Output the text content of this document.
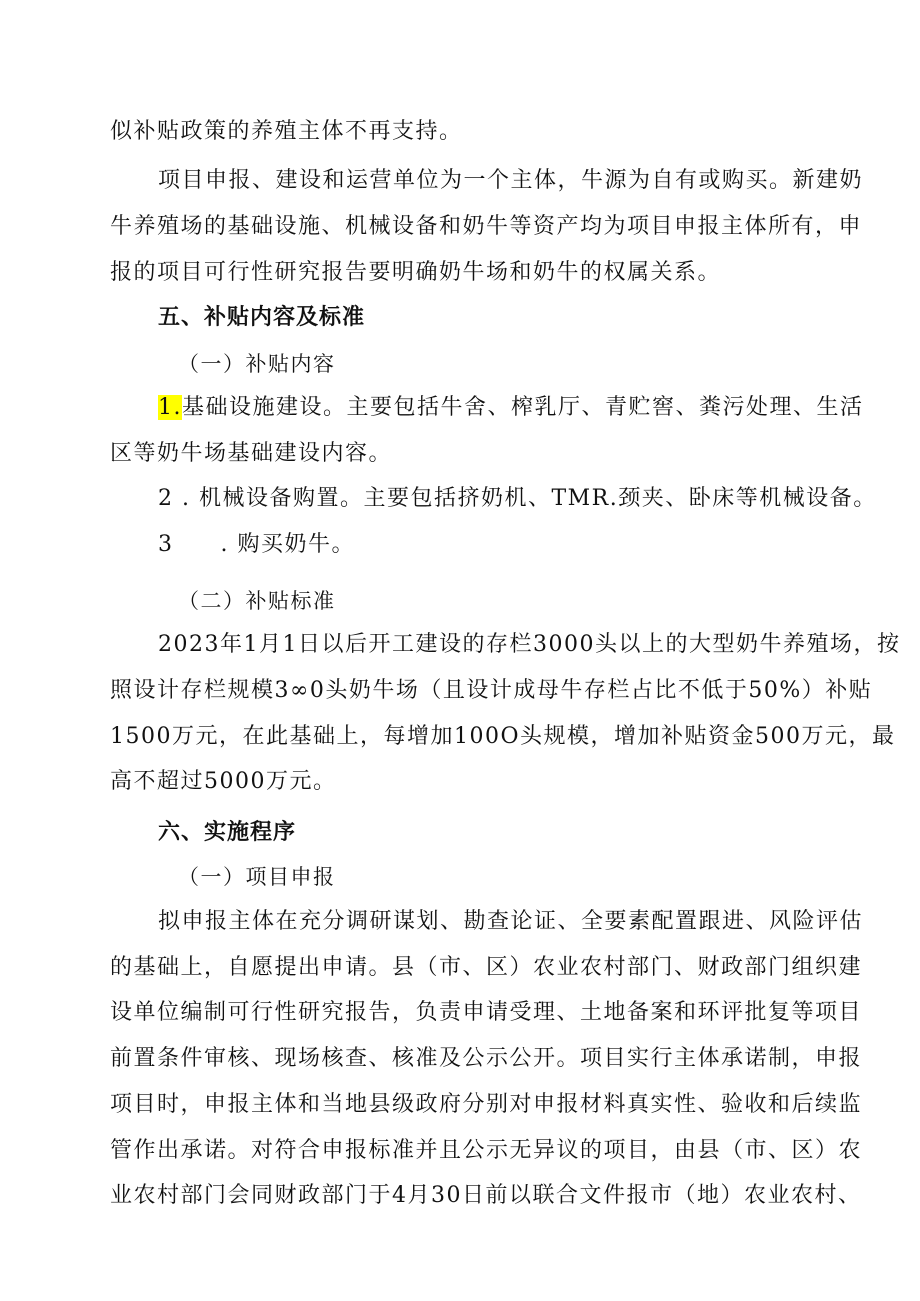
似补贴政策的养殖主体不再支持。
项目申报、建设和运营单位为一个主体，牛源为自有或购买。新建奶
牛养殖场的基础设施、机械设备和奶牛等资产均为项目申报主体所有，申
报的项目可行性研究报告要明确奶牛场和奶牛的权属关系。
五、补贴内容及标准
（一）补贴内容
1.基础设施建设。主要包括牛舍、榨乳厅、青贮窖、粪污处理、生活
区等奶牛场基础建设内容。
2 . 机械设备购置。主要包括挤奶机、TMR.颈夹、卧床等机械设备。
3　　. 购买奶牛。
（二）补贴标准
2023年1月1日以后开工建设的存栏3000头以上的大型奶牛养殖场，按
照设计存栏规模3∞0头奶牛场（且设计成母牛存栏占比不低于50%）补贴
1500万元，在此基础上，每增加100O头规模，增加补贴资金500万元，最
高不超过5000万元。
六、实施程序
（一）项目申报
拟申报主体在充分调研谋划、勘查论证、全要素配置跟进、风险评估
的基础上，自愿提出申请。县（市、区）农业农村部门、财政部门组织建
设单位编制可行性研究报告，负责申请受理、土地备案和环评批复等项目
前置条件审核、现场核查、核准及公示公开。项目实行主体承诺制，申报
项目时，申报主体和当地县级政府分别对申报材料真实性、验收和后续监
管作出承诺。对符合申报标准并且公示无异议的项目，由县（市、区）农
业农村部门会同财政部门于4月30日前以联合文件报市（地）农业农村、
